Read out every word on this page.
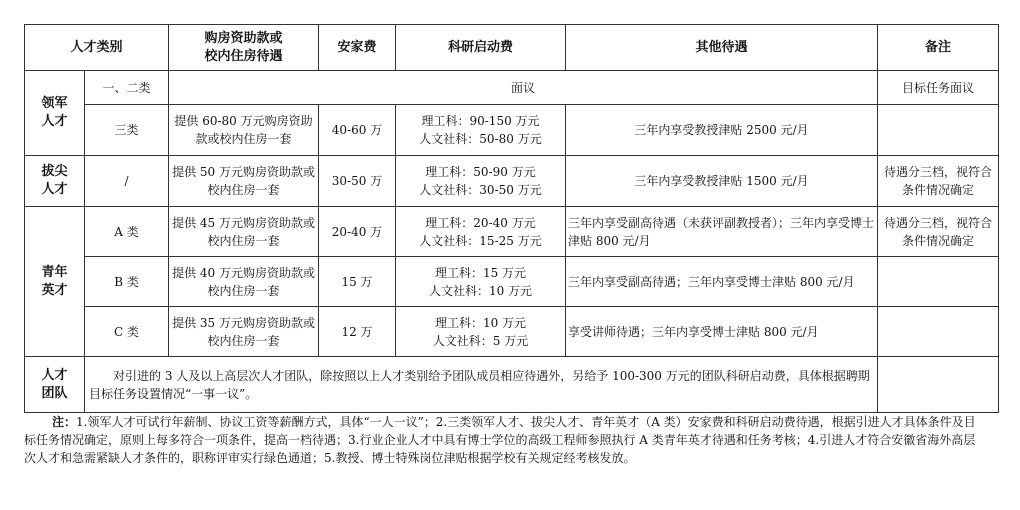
人才类别		购房资助款或
校内住房待遇	安家费	科研启动费	其他待遇	备注
领军人才	一、二类	面议				目标任务面议
	三类	提供 60-80 万元购房资助款或校内住房一套	40-60 万	理工科：90-150 万元
人文社科：50-80 万元	三年内享受教授津贴 2500 元/月	
拔尖人才	/	提供 50 万元购房资助款或校内住房一套	30-50 万	理工科：50-90 万元
人文社科：30-50 万元	三年内享受教授津贴 1500 元/月	待遇分三档，视符合条件情况确定
青年英才	A 类	提供 45 万元购房资助款或校内住房一套	20-40 万	理工科：20-40 万元
人文社科：15-25 万元	三年内享受副高待遇（未获评副教授者）；三年内享受博士津贴 800 元/月	待遇分三档，视符合条件情况确定
	B 类	提供 40 万元购房资助款或校内住房一套	15 万	理工科：15 万元
人文社科：10 万元	三年内享受副高待遇；三年内享受博士津贴 800 元/月	
	C 类	提供 35 万元购房资助款或校内住房一套	12 万	理工科：10 万元
人文社科：5 万元	享受讲师待遇；三年内享受博士津贴 800 元/月	
人才团队	对引进的 3 人及以上高层次人才团队，除按照以上人才类别给予团队成员相应待遇外，另给予 100-300 万元的团队科研启动费，具体根据聘期目标任务设置情况“一事一议”。					
注：1.领军人才可试行年薪制、协议工资等薪酬方式，具体“一人一议”；2.三类领军人才、拔尖人才、青年英才（A 类）安家费和科研启动费待遇，根据引进人才具体条件及目标任务情况确定，原则上每多符合一项条件，提高一档待遇；3.行业企业人才中具有博士学位的高级工程师参照执行 A 类青年英才待遇和任务考核；4.引进人才符合安徽省海外高层次人才和急需紧缺人才条件的，职称评审实行绿色通道；5.教授、博士特殊岗位津贴根据学校有关规定经考核发放。
